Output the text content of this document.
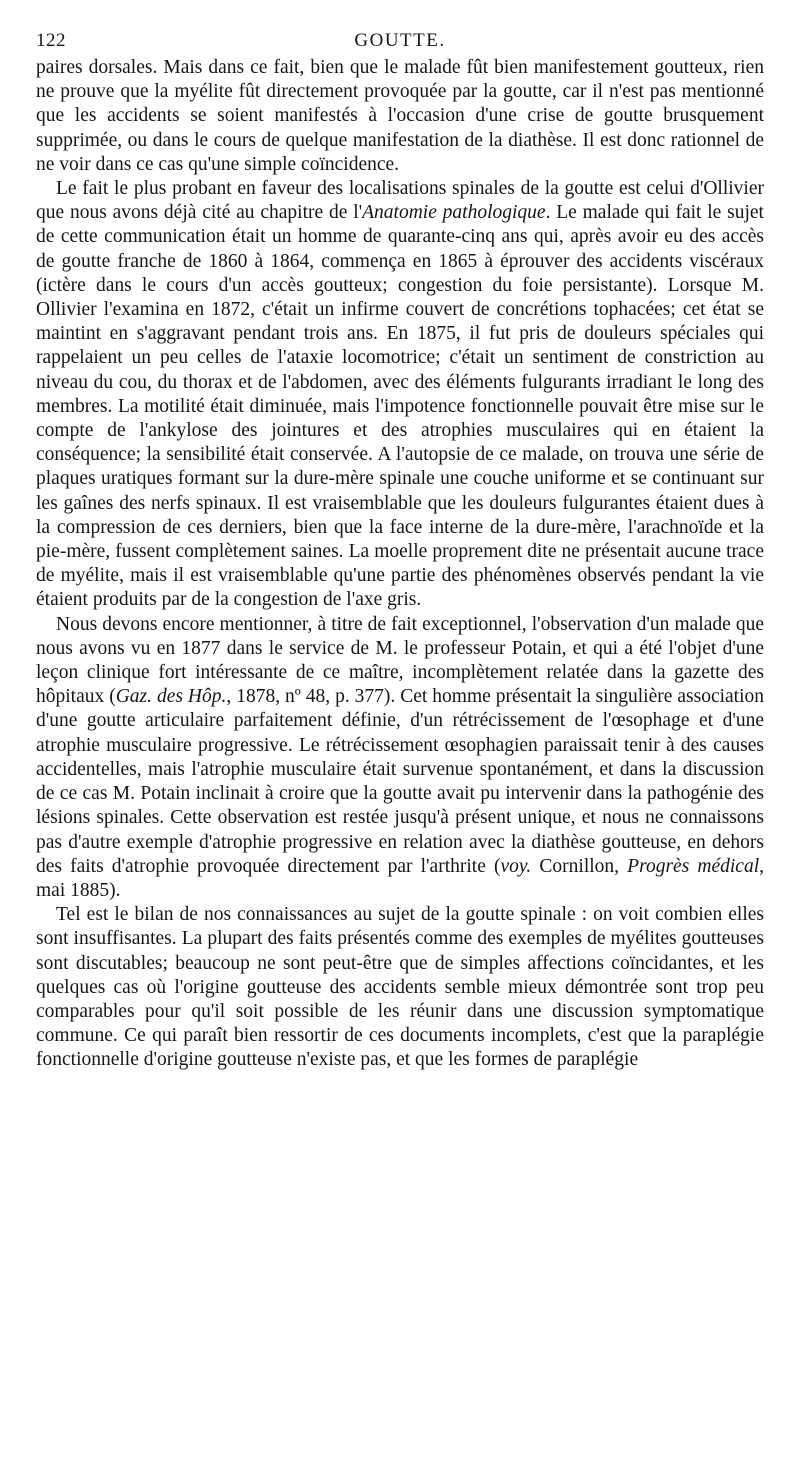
122	GOUTTE.

paires dorsales. Mais dans ce fait, bien que le malade fût bien manifestement goutteux, rien ne prouve que la myélite fût directement provoquée par la goutte, car il n'est pas mentionné que les accidents se soient manifestés à l'occasion d'une crise de goutte brusquement supprimée, ou dans le cours de quelque manifestation de la diathèse. Il est donc rationnel de ne voir dans ce cas qu'une simple coïncidence.

Le fait le plus probant en faveur des localisations spinales de la goutte est celui d'Ollivier que nous avons déjà cité au chapitre de l'Anatomie pathologique. Le malade qui fait le sujet de cette communication était un homme de quarante-cinq ans qui, après avoir eu des accès de goutte franche de 1860 à 1864, commença en 1865 à éprouver des accidents viscéraux (ictère dans le cours d'un accès goutteux; congestion du foie persistante). Lorsque M. Ollivier l'examina en 1872, c'était un infirme couvert de concrétions tophacées; cet état se maintint en s'aggravant pendant trois ans. En 1875, il fut pris de douleurs spéciales qui rappelaient un peu celles de l'ataxie locomotrice; c'était un sentiment de constriction au niveau du cou, du thorax et de l'abdomen, avec des éléments fulgurants irradiant le long des membres. La motilité était diminuée, mais l'impotence fonctionnelle pouvait être mise sur le compte de l'ankylose des jointures et des atrophies musculaires qui en étaient la conséquence; la sensibilité était conservée. A l'autopsie de ce malade, on trouva une série de plaques uratiques formant sur la dure-mère spinale une couche uniforme et se continuant sur les gaînes des nerfs spinaux. Il est vraisemblable que les douleurs fulgurantes étaient dues à la compression de ces derniers, bien que la face interne de la dure-mère, l'arachnoïde et la pie-mère, fussent complètement saines. La moelle proprement dite ne présentait aucune trace de myélite, mais il est vraisemblable qu'une partie des phénomènes observés pendant la vie étaient produits par de la congestion de l'axe gris.

Nous devons encore mentionner, à titre de fait exceptionnel, l'observation d'un malade que nous avons vu en 1877 dans le service de M. le professeur Potain, et qui a été l'objet d'une leçon clinique fort intéressante de ce maître, incomplètement relatée dans la gazette des hôpitaux (Gaz. des Hôp., 1878, nº 48, p. 377). Cet homme présentait la singulière association d'une goutte articulaire parfaitement définie, d'un rétrécissement de l'œsophage et d'une atrophie musculaire progressive. Le rétrécissement œsophagien paraissait tenir à des causes accidentelles, mais l'atrophie musculaire était survenue spontanément, et dans la discussion de ce cas M. Potain inclinait à croire que la goutte avait pu intervenir dans la pathogénie des lésions spinales. Cette observation est restée jusqu'à présent unique, et nous ne connaissons pas d'autre exemple d'atrophie progressive en relation avec la diathèse goutteuse, en dehors des faits d'atrophie provoquée directement par l'arthrite (voy. Cornillon, Progrès médical, mai 1885).

Tel est le bilan de nos connaissances au sujet de la goutte spinale : on voit combien elles sont insuffisantes. La plupart des faits présentés comme des exemples de myélites goutteuses sont discutables; beaucoup ne sont peut-être que de simples affections coïncidantes, et les quelques cas où l'origine goutteuse des accidents semble mieux démontrée sont trop peu comparables pour qu'il soit possible de les réunir dans une discussion symptomatique commune. Ce qui paraît bien ressortir de ces documents incomplets, c'est que la paraplégie fonctionnelle d'origine goutteuse n'existe pas, et que les formes de paraplégie
